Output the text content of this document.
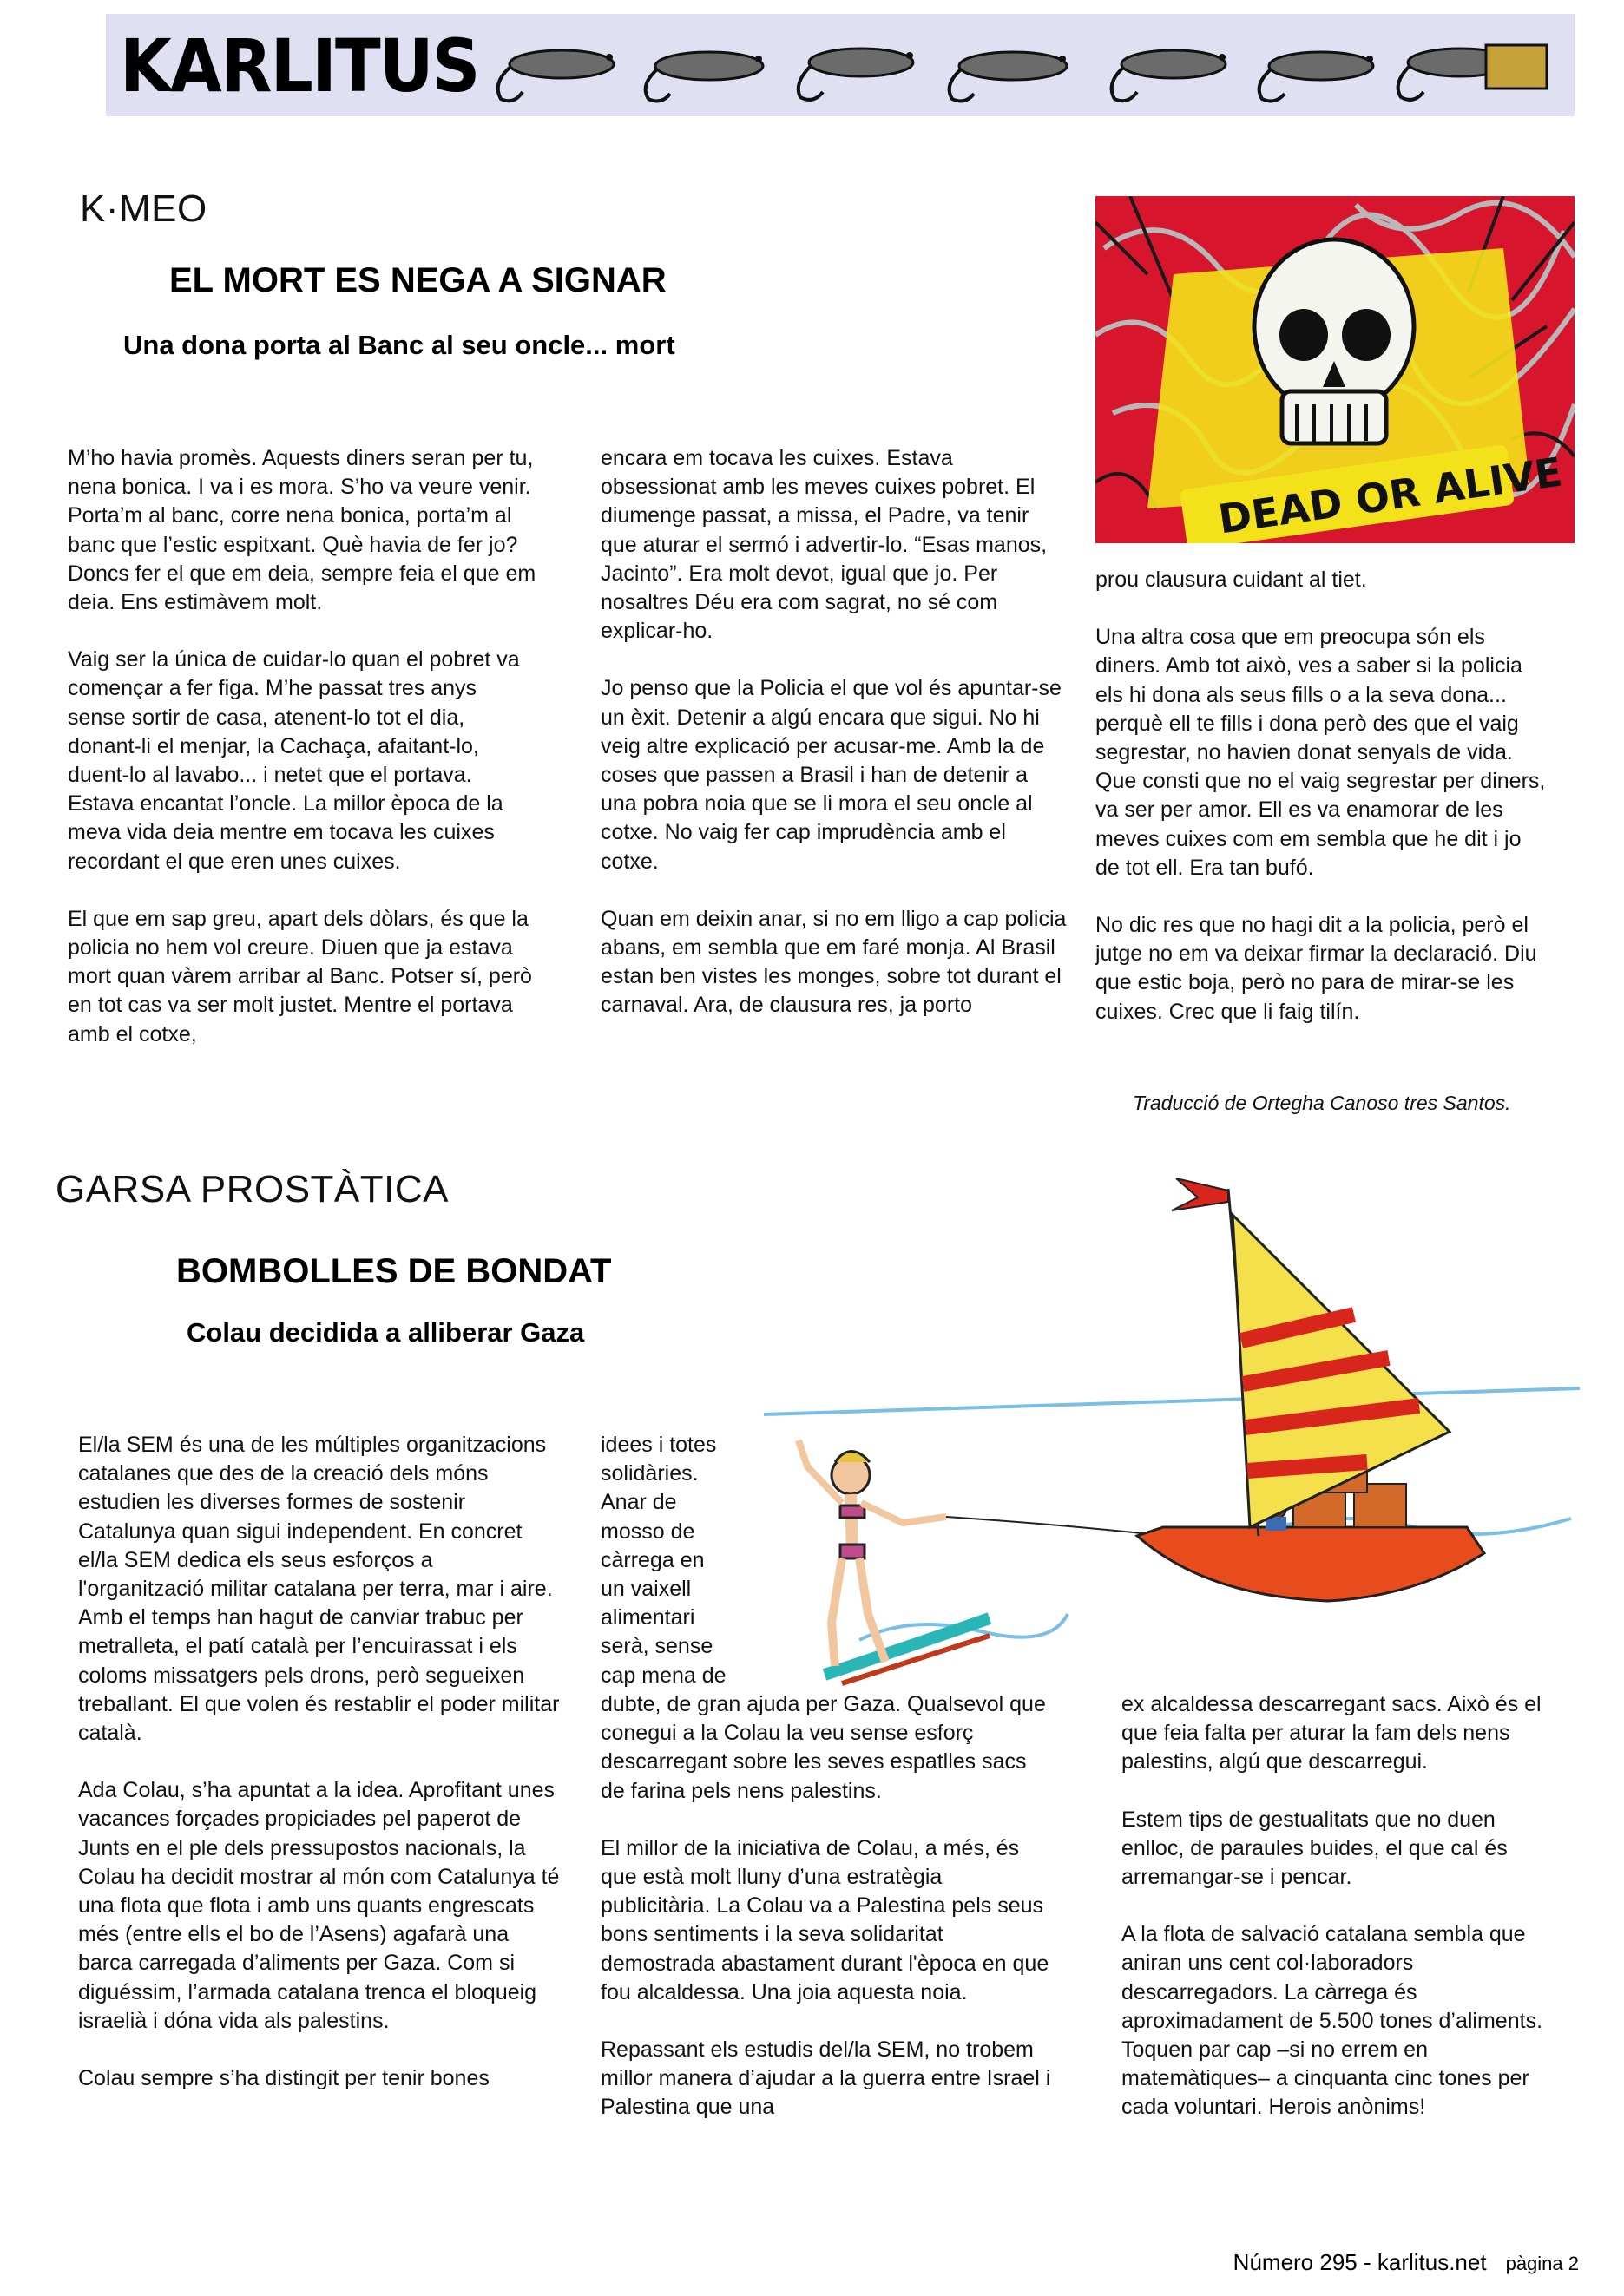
KARLITUS
K·MEO
EL MORT ES NEGA A SIGNAR
Una dona porta al Banc al seu oncle... mort
DEAD OR ALIVE

M’ho havia promès. Aquests diners seran per tu, nena bonica. I va i es mora. S’ho va veure venir. Porta’m al banc, corre nena bonica, porta’m al banc que l’estic espitxant. Què havia de fer jo? Doncs fer el que em deia, sempre feia el que em deia. Ens estimàvem molt.

Vaig ser la única de cuidar-lo quan el pobret va començar a fer figa. M’he passat tres anys sense sortir de casa, atenent-lo tot el dia, donant-li el menjar, la Cachaça, afaitant-lo, duent-lo al lavabo... i netet que el portava. Estava encantat l’oncle. La millor època de la meva vida deia mentre em tocava les cuixes recordant el que eren unes cuixes.

El que em sap greu, apart dels dòlars, és que la policia no hem vol creure. Diuen que ja estava mort quan vàrem arribar al Banc. Potser sí, però en tot cas va ser molt justet. Mentre el portava amb el cotxe,

encara em tocava les cuixes. Estava obsessionat amb les meves cuixes pobret. El diumenge passat, a missa, el Padre, va tenir que aturar el sermó i advertir-lo. “Esas manos, Jacinto”. Era molt devot, igual que jo. Per nosaltres Déu era com sagrat, no sé com explicar-ho.

Jo penso que la Policia el que vol és apuntar-se un èxit. Detenir a algú encara que sigui. No hi veig altre explicació per acusar-me. Amb la de coses que passen a Brasil i han de detenir a una pobra noia que se li mora el seu oncle al cotxe. No vaig fer cap imprudència amb el cotxe.

Quan em deixin anar, si no em lligo a cap policia abans, em sembla que em faré monja. Al Brasil estan ben vistes les monges, sobre tot durant el carnaval. Ara, de clausura res, ja porto

prou clausura cuidant al tiet.

Una altra cosa que em preocupa són els diners. Amb tot això, ves a saber si la policia els hi dona als seus fills o a la seva dona... perquè ell te fills i dona però des que el vaig segrestar, no havien donat senyals de vida. Que consti que no el vaig segrestar per diners, va ser per amor. Ell es va enamorar de les meves cuixes com em sembla que he dit i jo de tot ell. Era tan bufó.

No dic res que no hagi dit a la policia, però el jutge no em va deixar firmar la declaració. Diu que estic boja, però no para de mirar-se les cuixes. Crec que li faig tilín.

Traducció de Ortegha Canoso tres Santos.
GARSA PROSTÀTICA
BOMBOLLES DE BONDAT
Colau decidida a alliberar Gaza

El/la SEM és una de les múltiples organitzacions catalanes que des de la creació dels móns estudien les diverses formes de sostenir Catalunya quan sigui independent. En concret el/la SEM dedica els seus esforços a l'organització militar catalana per terra, mar i aire. Amb el temps han hagut de canviar trabuc per metralleta, el patí català per l’encuirassat i els coloms missatgers pels drons, però segueixen treballant. El que volen és restablir el poder militar català.

Ada Colau, s’ha apuntat a la idea. Aprofitant unes vacances forçades propiciades pel paperot de Junts en el ple dels pressupostos nacionals, la Colau ha decidit mostrar al món com Catalunya té una flota que flota i amb uns quants engrescats més (entre ells el bo de l’Asens) agafarà una barca carregada d’aliments per Gaza. Com si diguéssim, l’armada catalana trenca el bloqueig israelià i dóna vida als palestins.

Colau sempre s’ha distingit per tenir bones

idees i totes
solidàries.
Anar de
mosso de
càrrega en
un vaixell
alimentari
serà, sense
cap mena de

dubte, de gran ajuda per Gaza. Qualsevol que conegui a la Colau la veu sense esforç descarregant sobre les seves espatlles sacs de farina pels nens palestins.

El millor de la iniciativa de Colau, a més, és que està molt lluny d’una estratègia publicitària. La Colau va a Palestina pels seus bons sentiments i la seva solidaritat demostrada abastament durant l'època en que fou alcaldessa. Una joia aquesta noia.

Repassant els estudis del/la SEM, no trobem millor manera d’ajudar a la guerra entre Israel i Palestina que una

ex alcaldessa descarregant sacs. Això és el que feia falta per aturar la fam dels nens palestins, algú que descarregui.

Estem tips de gestualitats que no duen enlloc, de paraules buides, el que cal és arremangar-se i pencar.

A la flota de salvació catalana sembla que aniran uns cent col·laboradors descarregadors. La càrrega és aproximadament de 5.500 tones d’aliments. Toquen par cap –si no errem en matemàtiques– a cinquanta cinc tones per cada voluntari. Herois anònims!

Número 295 - karlitus.net pàgina 2
